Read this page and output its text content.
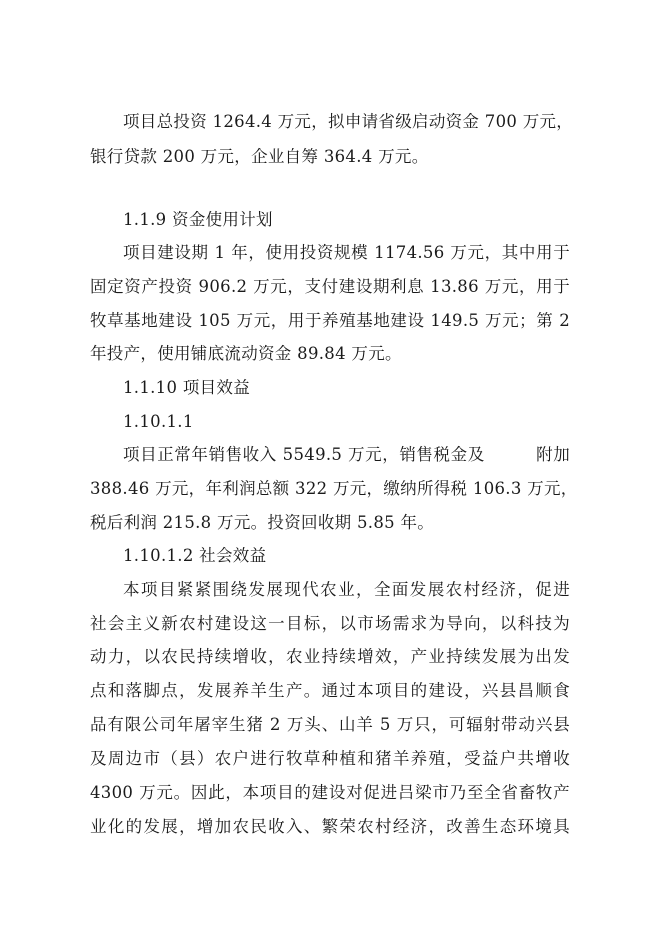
项目总投资 1264.4 万元，拟申请省级启动资金 700 万元，
银行贷款 200 万元，企业自筹 364.4 万元。
1.1.9 资金使用计划
项目建设期 1 年，使用投资规模 1174.56 万元，其中用于
固定资产投资 906.2 万元，支付建设期利息 13.86 万元，用于
牧草基地建设 105 万元，用于养殖基地建设 149.5 万元；第 2
年投产，使用铺底流动资金 89.84 万元。
1.1.10 项目效益
1.10.1.1
项目正常年销售收入 5549.5 万元，销售税金及　　　附加
388.46 万元，年利润总额 322 万元，缴纳所得税 106.3 万元，
税后利润 215.8 万元。投资回收期 5.85 年。
1.10.1.2 社会效益
本项目紧紧围绕发展现代农业，全面发展农村经济，促进
社会主义新农村建设这一目标，以市场需求为导向，以科技为
动力，以农民持续增收，农业持续增效，产业持续发展为出发
点和落脚点，发展养羊生产。通过本项目的建设，兴县昌顺食
品有限公司年屠宰生猪 2 万头、山羊 5 万只，可辐射带动兴县
及周边市（县）农户进行牧草种植和猪羊养殖，受益户共增收
4300 万元。因此，本项目的建设对促进吕梁市乃至全省畜牧产
业化的发展，增加农民收入、繁荣农村经济，改善生态环境具
